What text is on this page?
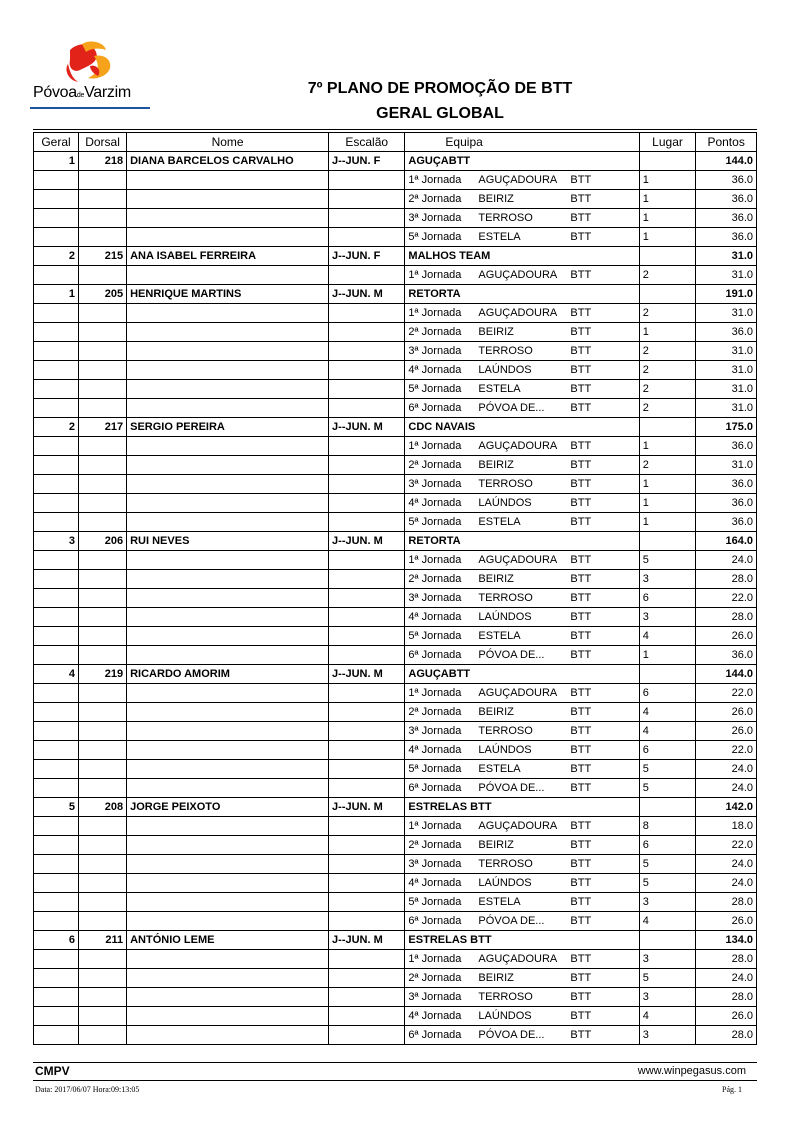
PóvoadeVarzim	7º PLANO DE PROMOÇÃO DE BTT
GERAL GLOBAL
Geral	Dorsal	Nome	Escalão	Equipa	Lugar	Pontos
1	218	DIANA BARCELOS CARVALHO	J--JUN. F	AGUÇABTT		144.0
				1ª Jornada AGUÇADOURA BTT	1	36.0
				2ª Jornada BEIRIZ BTT	1	36.0
				3ª Jornada TERROSO BTT	1	36.0
				5ª Jornada ESTELA BTT	1	36.0
2	215	ANA ISABEL FERREIRA	J--JUN. F	MALHOS TEAM		31.0
				1ª Jornada AGUÇADOURA BTT	2	31.0
1	205	HENRIQUE MARTINS	J--JUN. M	RETORTA		191.0
				1ª Jornada AGUÇADOURA BTT	2	31.0
				2ª Jornada BEIRIZ BTT	1	36.0
				3ª Jornada TERROSO BTT	2	31.0
				4ª Jornada LAÚNDOS BTT	2	31.0
				5ª Jornada ESTELA BTT	2	31.0
				6ª Jornada PÓVOA DE... BTT	2	31.0
2	217	SERGIO PEREIRA	J--JUN. M	CDC NAVAIS		175.0
				1ª Jornada AGUÇADOURA BTT	1	36.0
				2ª Jornada BEIRIZ BTT	2	31.0
				3ª Jornada TERROSO BTT	1	36.0
				4ª Jornada LAÚNDOS BTT	1	36.0
				5ª Jornada ESTELA BTT	1	36.0
3	206	RUI NEVES	J--JUN. M	RETORTA		164.0
				1ª Jornada AGUÇADOURA BTT	5	24.0
				2ª Jornada BEIRIZ BTT	3	28.0
				3ª Jornada TERROSO BTT	6	22.0
				4ª Jornada LAÚNDOS BTT	3	28.0
				5ª Jornada ESTELA BTT	4	26.0
				6ª Jornada PÓVOA DE... BTT	1	36.0
4	219	RICARDO AMORIM	J--JUN. M	AGUÇABTT		144.0
				1ª Jornada AGUÇADOURA BTT	6	22.0
				2ª Jornada BEIRIZ BTT	4	26.0
				3ª Jornada TERROSO BTT	4	26.0
				4ª Jornada LAÚNDOS BTT	6	22.0
				5ª Jornada ESTELA BTT	5	24.0
				6ª Jornada PÓVOA DE... BTT	5	24.0
5	208	JORGE PEIXOTO	J--JUN. M	ESTRELAS BTT		142.0
				1ª Jornada AGUÇADOURA BTT	8	18.0
				2ª Jornada BEIRIZ BTT	6	22.0
				3ª Jornada TERROSO BTT	5	24.0
				4ª Jornada LAÚNDOS BTT	5	24.0
				5ª Jornada ESTELA BTT	3	28.0
				6ª Jornada PÓVOA DE... BTT	4	26.0
6	211	ANTÓNIO LEME	J--JUN. M	ESTRELAS BTT		134.0
				1ª Jornada AGUÇADOURA BTT	3	28.0
				2ª Jornada BEIRIZ BTT	5	24.0
				3ª Jornada TERROSO BTT	3	28.0
				4ª Jornada LAÚNDOS BTT	4	26.0
				6ª Jornada PÓVOA DE... BTT	3	28.0
CMPV	www.winpegasus.com
Data: 2017/06/07 Hora:09:13:05	Pág. 1
